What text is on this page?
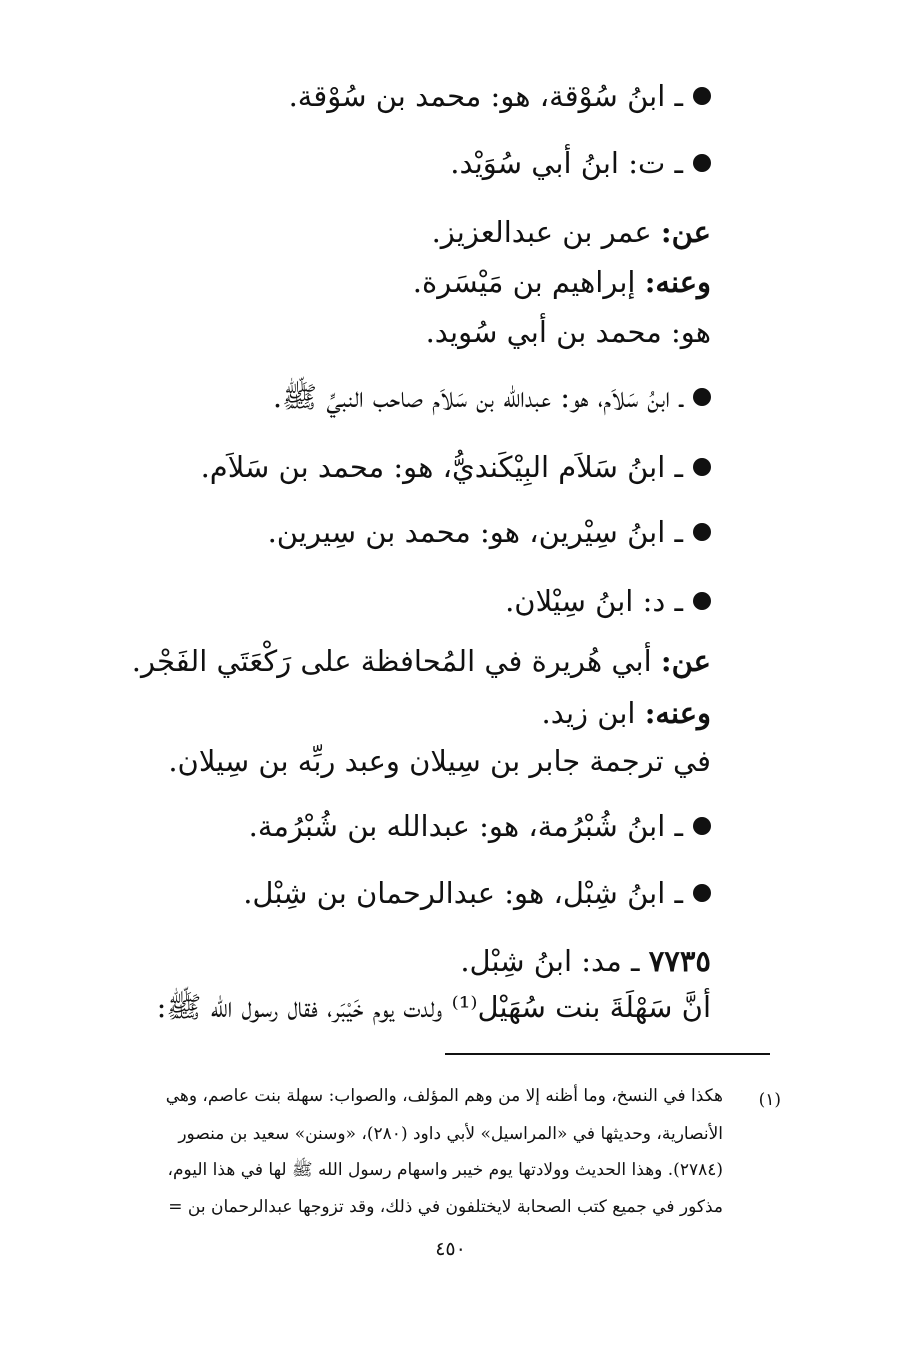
ـ ابنُ سُوْقة، هو: محمد بن سُوْقة.
ـ ت: ابنُ أبي سُوَيْد.
عن: عمر بن عبدالعزيز.
وعنه: إبراهيم بن مَيْسَرة.
هو: محمد بن أبي سُويد.
ـ ابنُ سَلاَم، هو: عبدالله بن سَلاَم صاحب النبيِّ ﷺ.
ـ ابنُ سَلاَم البِيْكَنديُّ، هو: محمد بن سَلاَم.
ـ ابنُ سِيْرين، هو: محمد بن سِيرين.
ـ د: ابنُ سِيْلان.
عن: أبي هُريرة في المُحافظة على رَكْعَتَي الفَجْر.
وعنه: ابن زيد.
في ترجمة جابر بن سِيلان وعبد ربِّه بن سِيلان.
ـ ابنُ شُبْرُمة، هو: عبدالله بن شُبْرُمة.
ـ ابنُ شِبْل، هو: عبدالرحمان بن شِبْل.
٧٧٣٥ ـ مد: ابنُ شِبْل.
أنَّ سَهْلَةَ بنت سُهَيْل⁽¹⁾ ولدت يوم خَيْبَر، فقال رسول الله ﷺ:
(١)
هكذا في النسخ، وما أظنه إلا من وهم المؤلف، والصواب: سهلة بنت عاصم، وهي
الأنصارية، وحديثها في «المراسيل» لأبي داود (٢٨٠)، «وسنن» سعيد بن منصور
(٢٧٨٤). وهذا الحديث وولادتها يوم خيبر واسهام رسول الله ﷺ لها في هذا اليوم،
مذكور في جميع كتب الصحابة لايختلفون في ذلك، وقد تزوجها عبدالرحمان بن =
٤٥٠
